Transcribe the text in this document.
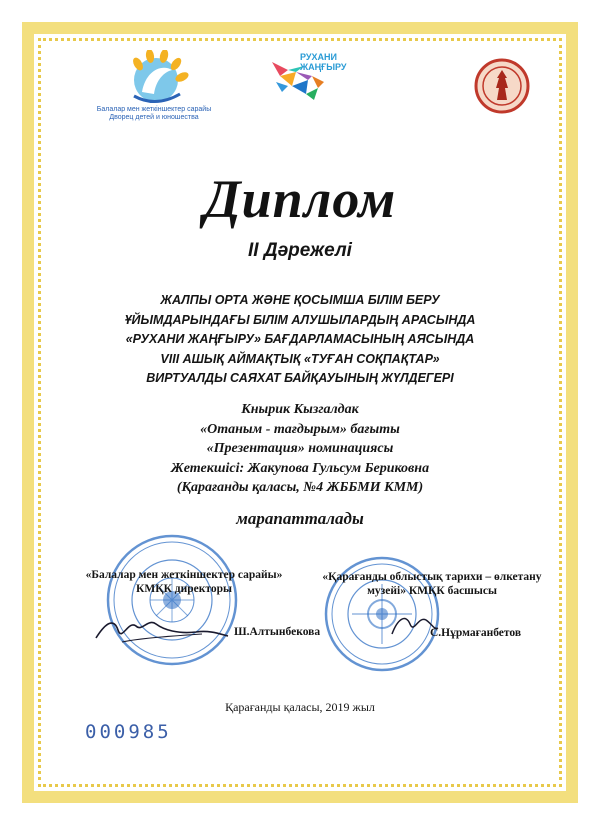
Балалар мен жеткіншектер сарайы
Дворец детей и юношества
РУХАНИ
ЖАҢҒЫРУ
Диплом
II Дәрежелі
ЖАЛПЫ ОРТА ЖӘНЕ ҚОСЫМША БІЛІМ БЕРУ
ҰЙЫМДАРЫНДАҒЫ БІЛІМ АЛУШЫЛАРДЫҢ АРАСЫНДА
«РУХАНИ ЖАҢҒЫРУ» БАҒДАРЛАМАСЫНЫҢ АЯСЫНДА
VIII АШЫҚ АЙМАҚТЫҚ «ТУҒАН СОҚПАҚТАР»
ВИРТУАЛДЫ САЯХАТ БАЙҚАУЫНЫҢ ЖҮЛДЕГЕРІ
Кнырик Кызгалдак
«Отаным - тағдырым» бағыты
«Презентация» номинациясы
Жетекшісі: Жакупова Гульсум Бериковна
(Қарағанды қаласы, №4 ЖББМИ КММ)
марапатталады
«Балалар мен жеткіншектер сарайы»
КМҚК директоры
Ш.Алтынбекова
«Қарағанды облыстық тарихи – өлкетану
музейі» КМҚК басшысы
С.Нұрмағанбетов
Қарағанды қаласы, 2019 жыл
000985
